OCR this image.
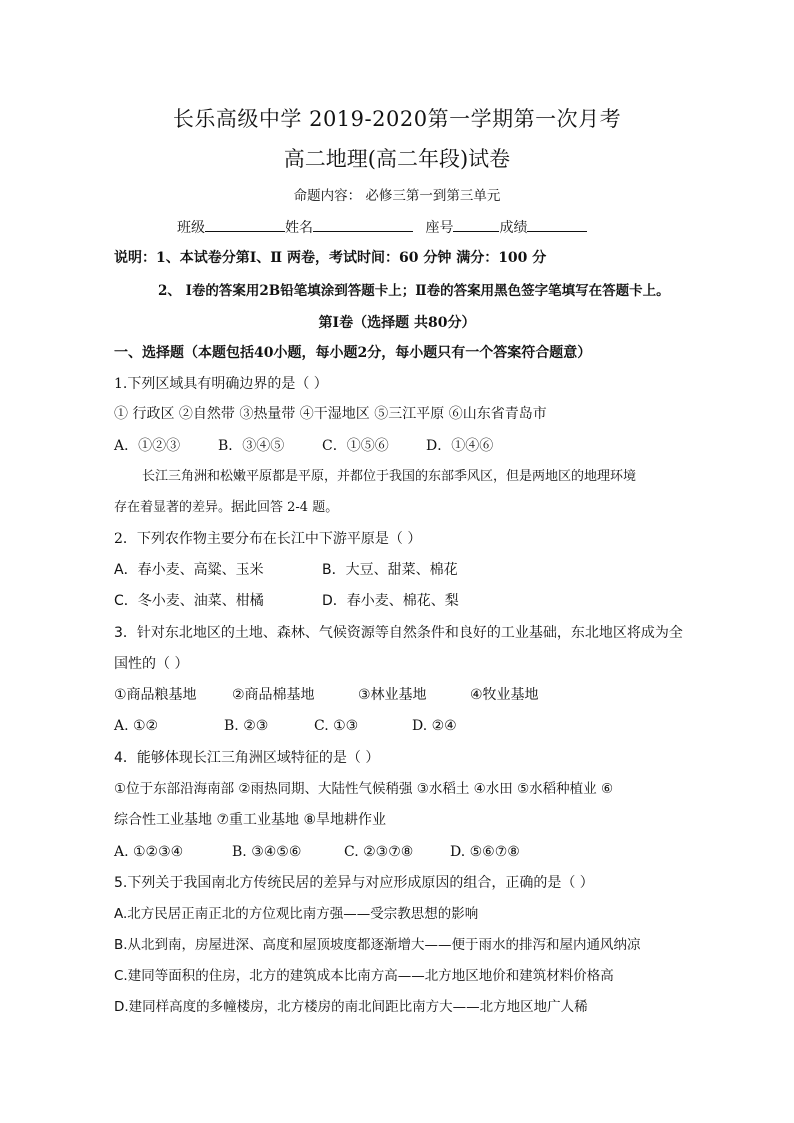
长乐高级中学 2019-2020第一学期第一次月考
高二地理(高二年段)试卷
命题内容： 必修三第一到第三单元
班级	姓名	座号	成绩
说明：1、本试卷分第Ⅰ、Ⅱ 两卷，考试时间：60 分钟 满分：100 分
2、 Ⅰ卷的答案用2B铅笔填涂到答题卡上；Ⅱ卷的答案用黑色签字笔填写在答题卡上。
第Ⅰ卷（选择题 共80分）
一、选择题（本题包括40小题，每小题2分，每小题只有一个答案符合题意）
1.下列区域具有明确边界的是（ ）
① 行政区 ②自然带 ③热量带 ④干湿地区 ⑤三江平原 ⑥山东省青岛市
A．①②③	B．③④⑤	C．①⑤⑥	D．①④⑥
长江三角洲和松嫩平原都是平原，并都位于我国的东部季风区，但是两地区的地理环境
存在着显著的差异。据此回答 2-4 题。
2．下列农作物主要分布在长江中下游平原是（ ）
A．春小麦、高粱、玉米	B．大豆、甜菜、棉花
C．冬小麦、油菜、柑橘	D．春小麦、棉花、梨
3．针对东北地区的土地、森林、气候资源等自然条件和良好的工业基础，东北地区将成为全
国性的（ ）
①商品粮基地	②商品棉基地	③林业基地	④牧业基地
A. ①②	B. ②③	C. ①③	D. ②④
4．能够体现长江三角洲区域特征的是（ ）
①位于东部沿海南部 ②雨热同期、大陆性气候稍强 ③水稻土 ④水田 ⑤水稻种植业 ⑥
综合性工业基地 ⑦重工业基地 ⑧旱地耕作业
A. ①②③④	B. ③④⑤⑥	C. ②③⑦⑧	D. ⑤⑥⑦⑧
5.下列关于我国南北方传统民居的差异与对应形成原因的组合，正确的是（ ）
A.北方民居正南正北的方位观比南方强——受宗教思想的影响
B.从北到南，房屋进深、高度和屋顶坡度都逐渐增大——便于雨水的排泻和屋内通风纳凉
C.建同等面积的住房，北方的建筑成本比南方高——北方地区地价和建筑材料价格高
D.建同样高度的多幢楼房，北方楼房的南北间距比南方大——北方地区地广人稀
